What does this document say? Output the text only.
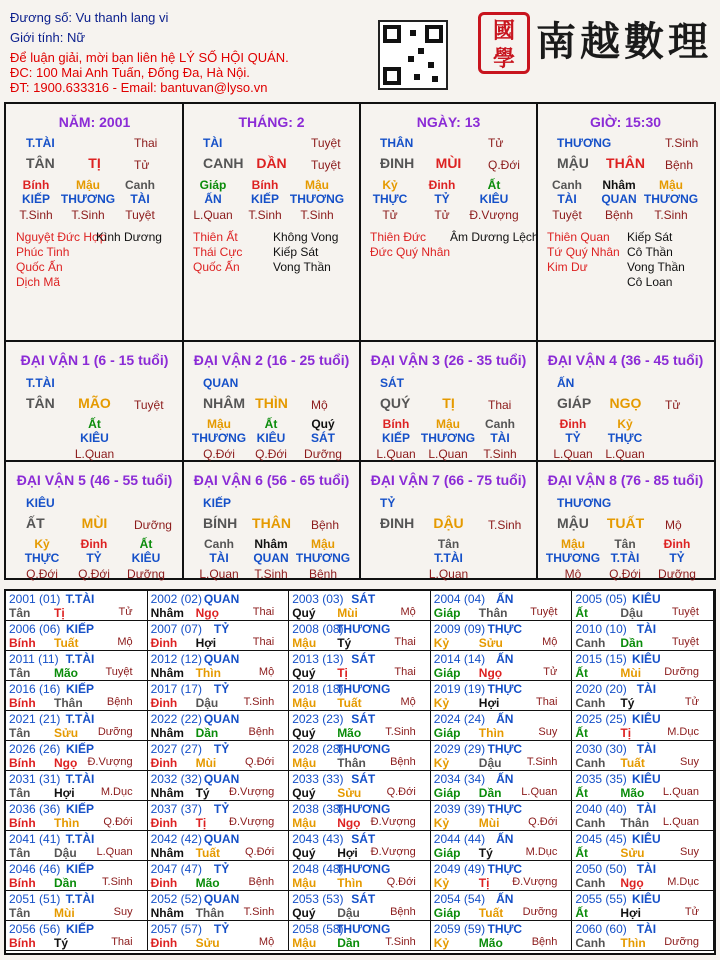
Đương số: Vu thanh lang vi
Giới tính: Nữ
Để luận giải, mời bạn liên hệ LÝ SỐ HỘI QUÁN.
ĐC: 100 Mai Anh Tuấn, Đống Đa, Hà Nội.
ĐT: 1900.633316 - Email: bantuvan@lyso.vn
國
學 南越數理
NĂM: 2001
T.TÀI	Thai
TÂN TỊ	Tử
Bính
KIẾP
T.Sinh
Mậu
THƯƠNG
T.Sinh
Canh
TÀI
Tuyệt
Nguyệt Đức Hợp
Kình Dương
Phúc Tinh
Quốc Ấn
Dịch Mã
THÁNG: 2
TÀI	Tuyệt
CANH DẦN Tuyệt
Giáp
ẤN
L.Quan
Bính
KIẾP
T.Sinh
Mậu
THƯƠNG
T.Sinh
Thiên Ất	Không Vong
Thái Cực	Kiếp Sát
Quốc Ấn	Vong Thần
NGÀY: 13
THÂN	Tử
ĐINH MÙI Q.Đới
Kỷ
THỰC
Tử
Đinh
TỶ
Tử
Ất
KIÊU
Đ.Vượng
Thiên Đức Âm Dương Lệch
Đức Quý Nhân
GIỜ: 15:30
THƯƠNG	T.Sinh
MẬU THÂN Bệnh
Canh
TÀI
Tuyệt
Nhâm
QUAN
Bệnh
Mậu
THƯƠNG
T.Sinh
Thiên Quan Kiếp Sát
Tứ Quý Nhân Cô Thần
Kim Dư	Vong Thần
Cô Loan
ĐẠI VẬN 1 (6 - 15 tuổi)
T.TÀI
TÂN MÃO Tuyệt
Ất
KIÊU
L.Quan
ĐẠI VẬN 2 (16 - 25 tuổi)
QUAN
NHÂM THÌN Mộ
Mậu
THƯƠNG
Q.Đới
Ất
KIÊU
Q.Đới
Quý
SÁT
Dưỡng
ĐẠI VẬN 3 (26 - 35 tuổi)
SÁT
QUÝ TỊ	Thai
Bính
KIẾP
L.Quan
Mậu
THƯƠNG
L.Quan
Canh
TÀI
T.Sinh
ĐẠI VẬN 4 (36 - 45 tuổi)
ẤN
GIÁP NGỌ Tử
Đinh
TỶ
L.Quan
Kỷ
THỰC
L.Quan
ĐẠI VẬN 5 (46 - 55 tuổi)
KIÊU
ẤT	MÙI Dưỡng
Kỷ
THỰC
Q.Đới
Đinh
TỶ
Q.Đới
Ất
KIÊU
Dưỡng
ĐẠI VẬN 6 (56 - 65 tuổi)
KIẾP
BÍNH THÂN Bệnh
Canh
TÀI
L.Quan
Nhâm
QUAN
T.Sinh
Mậu
THƯƠNG
Bệnh
ĐẠI VẬN 7 (66 - 75 tuổi)
TỶ
ĐINH DẬU T.Sinh
Tân
T.TÀI
L.Quan
ĐẠI VẬN 8 (76 - 85 tuổi)
THƯƠNG
MẬU TUẤT Mộ
Mậu
THƯƠNG
Mộ
Tân
T.TÀI
Q.Đới
Đinh
TỶ
Dưỡng
2001 (01) T.TÀI
Tân Tị	Tử
2002 (02) QUAN
Nhâm Ngọ	Thai
2003 (03) SÁT
Quý Mùi	Mộ
2004 (04) ẤN
Giáp Thân Tuyệt
2005 (05) KIÊU
Ất	Dậu	Tuyệt
2006 (06) KIẾP
Bính Tuất	Mộ
2007 (07) TỶ
Đinh Hợi	Thai
2008 (08)
THƯƠNG
Mậu Tý	Thai
2009 (09) THỰC
Kỷ Sửu	Mộ
2010 (10) TÀI
Canh Dần	Tuyệt
2011 (11) T.TÀI
Tân Mão Tuyệt
2012 (12) QUAN
Nhâm Thìn	Mộ
2013 (13) SÁT
Quý Tị	Thai
2014 (14) ẤN
Giáp Ngọ	Tử
2015 (15) KIÊU
Ất	Mùi Dưỡng
2016 (16) KIẾP
Bính Thân Bệnh
2017 (17) TỶ
Đinh Dậu T.Sinh
2018 (18)
THƯƠNG
Mậu Tuất	Mộ
2019 (19) THỰC
Kỷ Hợi	Thai
2020 (20) TÀI
Canh Tý	Tử
2021 (21) T.TÀI
Tân Sửu Dưỡng
2022 (22) QUAN
Nhâm Dần	Bệnh
2023 (23) SÁT
Quý Mão T.Sinh
2024 (24) ẤN
Giáp Thìn	Suy
2025 (25) KIÊU
Ất	Tị	M.Dục
2026 (26) KIẾP
Bính Ngọ Đ.Vượng
2027 (27) TỶ
Đinh Mùi	Q.Đới
2028 (28)
THƯƠNG
Mậu Thân Bệnh
2029 (29) THỰC
Kỷ Dậu T.Sinh
2030 (30) TÀI
Canh Tuất	Suy
2031 (31) T.TÀI
Tân Hợi M.Dục
2032 (32) QUAN
Nhâm Tý Đ.Vượng
2033 (33) SÁT
Quý Sửu Q.Đới
2034 (34) ẤN
Giáp Dần L.Quan
2035 (35) KIÊU
Ất	Mão L.Quan
2036 (36) KIẾP
Bính Thìn Q.Đới
2037 (37) TỶ
Đinh Tị Đ.Vượng
2038 (38)
THƯƠNG
Mậu Ngọ Đ.Vượng
2039 (39) THỰC
Kỷ Mùi	Q.Đới
2040 (40) TÀI
Canh Thân L.Quan
2041 (41) T.TÀI
Tân Dậu L.Quan
2042 (42) QUAN
Nhâm Tuất Q.Đới
2043 (43) SÁT
Quý Hợi Đ.Vượng
2044 (44) ẤN
Giáp Tý	M.Dục
2045 (45) KIÊU
Ất	Sửu	Suy
2046 (46) KIẾP
Bính Dần T.Sinh
2047 (47) TỶ
Đinh Mão	Bệnh
2048 (48)
THƯƠNG
Mậu Thìn Q.Đới
2049 (49) THỰC
Kỷ Tị Đ.Vượng
2050 (50) TÀI
Canh Ngọ M.Dục
2051 (51) T.TÀI
Tân Mùi	Suy
2052 (52) QUAN
Nhâm Thân T.Sinh
2053 (53) SÁT
Quý Dậu	Bệnh
2054 (54) ẤN
Giáp Tuất Dưỡng
2055 (55) KIÊU
Ất	Hợi	Tử
2056 (56) KIẾP
Bính Tý	Thai
2057 (57) TỶ
Đinh Sửu	Mộ
2058 (58)
THƯƠNG
Mậu Dần T.Sinh
2059 (59) THỰC
Kỷ Mão	Bệnh
2060 (60) TÀI
Canh Thìn Dưỡng
